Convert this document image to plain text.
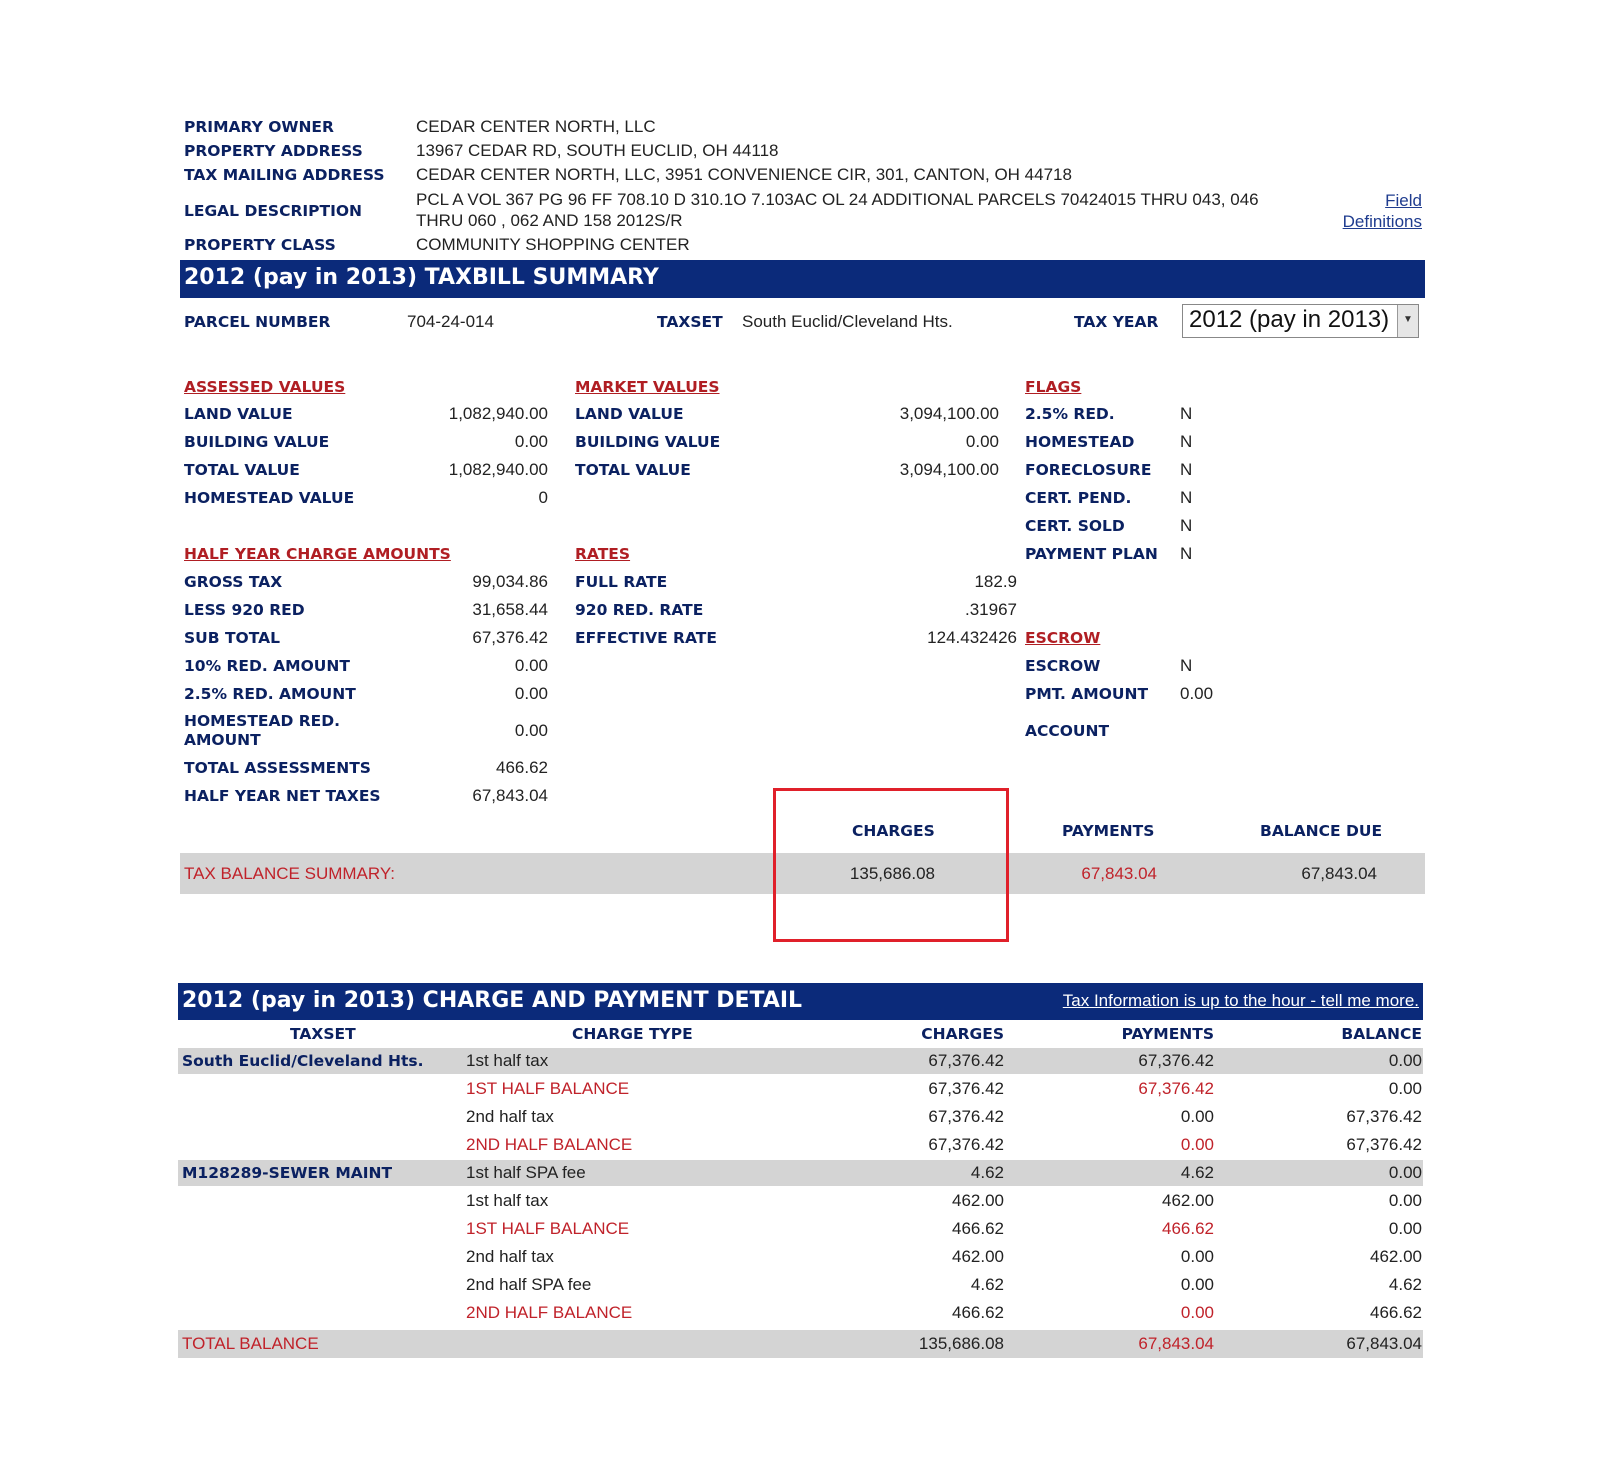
PRIMARY OWNER	CEDAR CENTER NORTH, LLC
PROPERTY ADDRESS	13967 CEDAR RD, SOUTH EUCLID, OH 44118
TAX MAILING ADDRESS CEDAR CENTER NORTH, LLC, 3951 CONVENIENCE CIR, 301, CANTON, OH 44718
LEGAL DESCRIPTION
PCL A VOL 367 PG 96 FF 708.10 D 310.1O 7.103AC OL 24 ADDITIONAL PARCELS 70424015 THRU 043, 046
THRU 060 , 062 AND 158 2012S/R
Field
Definitions
PROPERTY CLASS	COMMUNITY SHOPPING CENTER
2012 (pay in 2013) TAXBILL SUMMARY
PARCEL NUMBER	704-24-014	TAXSET South Euclid/Cleveland Hts.	TAX YEAR 2012 (pay in 2013)	▼
ASSESSED VALUES
LAND VALUE	1,082,940.00
BUILDING VALUE	0.00
TOTAL VALUE	1,082,940.00
HOMESTEAD VALUE	0
MARKET VALUES
LAND VALUE	3,094,100.00
BUILDING VALUE	0.00
TOTAL VALUE	3,094,100.00
FLAGS
2.5% RED.	N
HOMESTEAD	N
FORECLOSURE N
CERT. PEND.	N
CERT. SOLD	N
PAYMENT PLAN N
HALF YEAR CHARGE AMOUNTS
GROSS TAX	99,034.86
LESS 920 RED	31,658.44
SUB TOTAL	67,376.42
10% RED. AMOUNT	0.00
2.5% RED. AMOUNT	0.00
HOMESTEAD RED.
AMOUNT	0.00
TOTAL ASSESSMENTS	466.62
HALF YEAR NET TAXES	67,843.04
RATES
FULL RATE	182.9
920 RED. RATE	.31967
EFFECTIVE RATE	124.432426 ESCROW
ESCROW	N
PMT. AMOUNT 0.00
ACCOUNT
CHARGES	PAYMENTS	BALANCE DUE
TAX BALANCE SUMMARY:	135,686.08	67,843.04	67,843.04
2012 (pay in 2013) CHARGE AND PAYMENT DETAIL	Tax Information is up to the hour - tell me more.
TAXSET	CHARGE TYPE	CHARGES	PAYMENTS	BALANCE
South Euclid/Cleveland Hts.	1st half tax	67,376.42	67,376.42	0.00
1ST HALF BALANCE	67,376.42	67,376.42	0.00
2nd half tax	67,376.42	0.00	67,376.42
2ND HALF BALANCE	67,376.42	0.00	67,376.42
M128289-SEWER MAINT	1st half SPA fee	4.62	4.62	0.00
1st half tax	462.00	462.00	0.00
1ST HALF BALANCE	466.62	466.62	0.00
2nd half tax	462.00	0.00	462.00
2nd half SPA fee	4.62	0.00	4.62
2ND HALF BALANCE	466.62	0.00	466.62
TOTAL BALANCE	135,686.08	67,843.04	67,843.04
